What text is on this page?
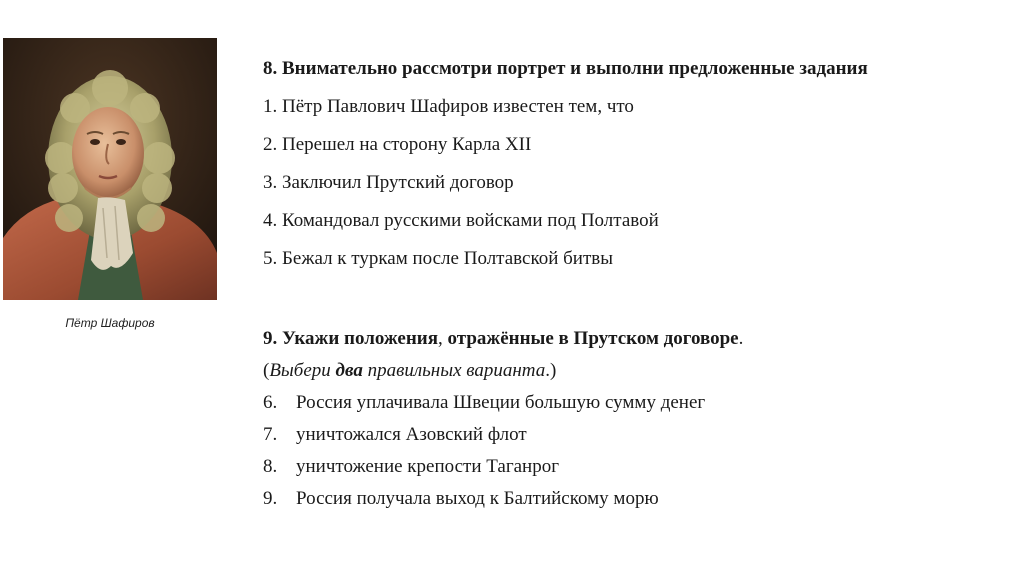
Пётр Шафиров
8. Внимательно рассмотри портрет и выполни предложенные задания
1. Пётр Павлович Шафиров известен тем, что
2. Перешел на сторону Карла XII
3. Заключил Прутский договор
4. Командовал русскими войсками под Полтавой
5. Бежал к туркам после Полтавской битвы
9. Укажи положения, отражённые в Прутском договоре.
(Выбери два правильных варианта.)
6. Россия уплачивала Швеции большую сумму денег
7. уничтожался Азовский флот
8. уничтожение крепости Таганрог
9. Россия получала выход к Балтийскому морю
